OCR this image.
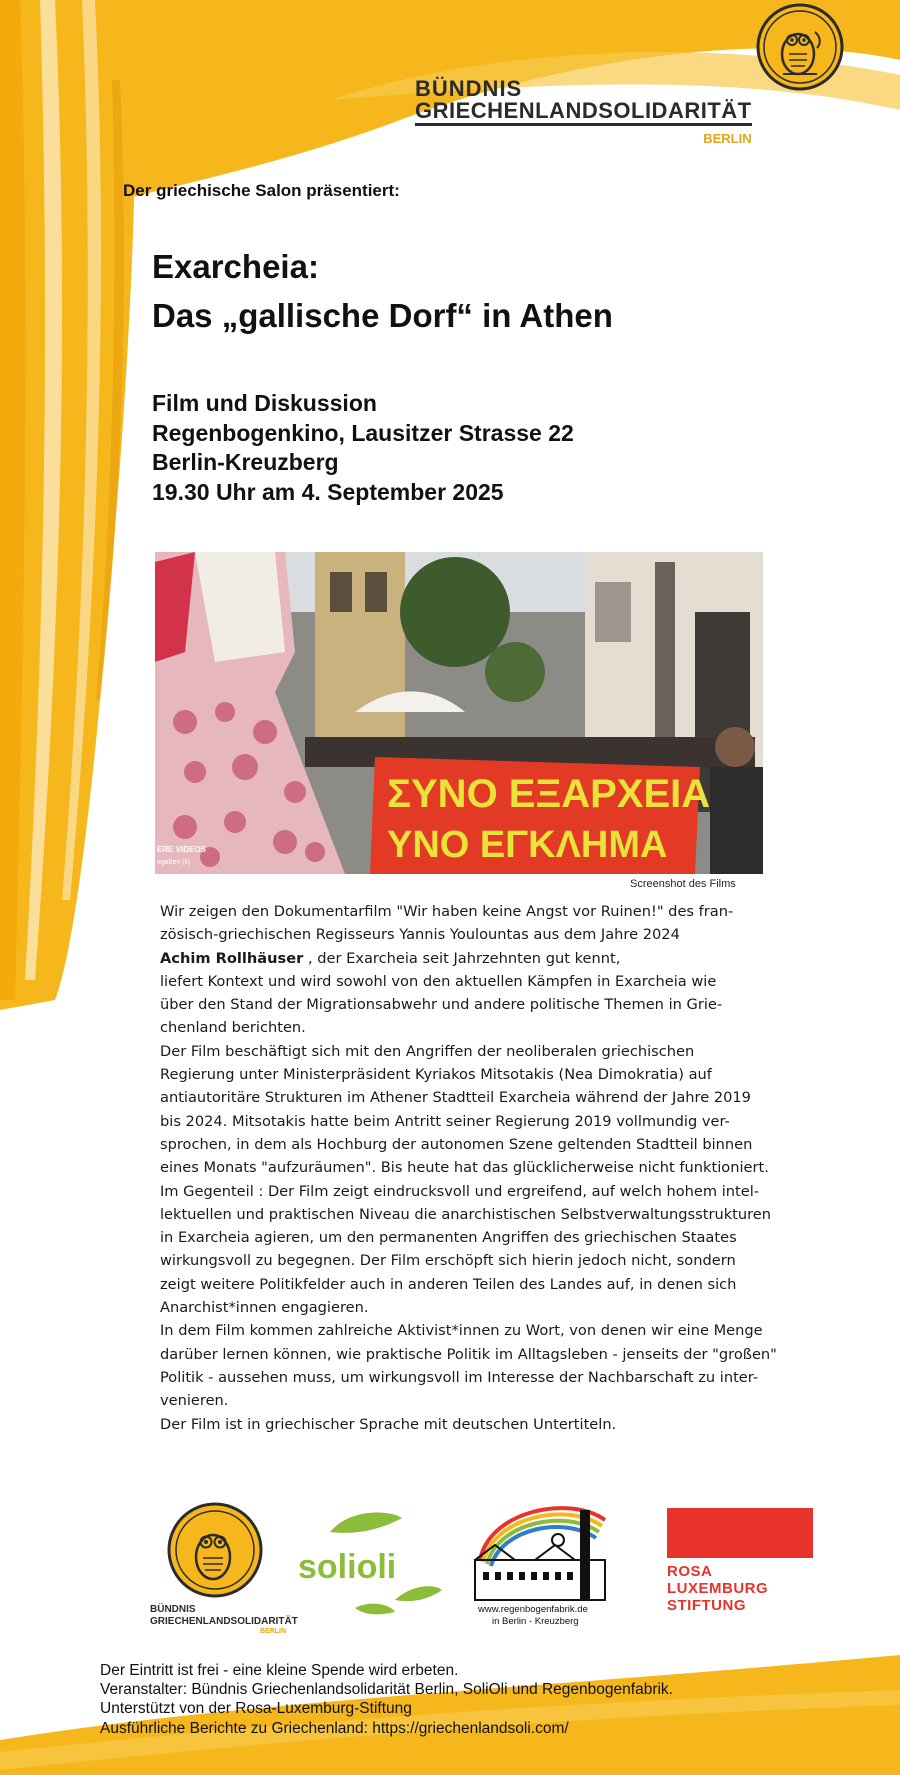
BÜNDNIS
GRIECHENLANDSOLIDARITÄT
BERLIN
Der griechische Salon präsentiert:
Exarcheia:
Das „gallische Dorf“ in Athen
Film und Diskussion
Regenbogenkino, Lausitzer Strasse 22
Berlin-Kreuzberg
19.30 Uhr am 4. September 2025
ΣΥΝΟ ΕΞΑΡΧΕΙΑ
ΥΝΟ ΕΓΚΛΗΜΑ
ERE VIDEOS
egeben (k)
Screenshot des Films

Wir zeigen den Dokumentarfilm "Wir haben keine Angst vor Ruinen!" des fran-

zösisch-griechischen Regisseurs Yannis Youlountas aus dem Jahre 2024

Achim Rollhäuser , der Exarcheia seit Jahrzehnten gut kennt,

liefert Kontext und wird sowohl von den aktuellen Kämpfen in Exarcheia wie

über den Stand der Migrationsabwehr und andere politische Themen in Grie-

chenland berichten.

Der Film beschäftigt sich mit den Angriffen der neoliberalen griechischen

Regierung unter Ministerpräsident Kyriakos Mitsotakis (Nea Dimokratia) auf

antiautoritäre Strukturen im Athener Stadtteil Exarcheia während der Jahre 2019

bis 2024. Mitsotakis hatte beim Antritt seiner Regierung 2019 vollmundig ver-

sprochen, in dem als Hochburg der autonomen Szene geltenden Stadtteil binnen

eines Monats "aufzuräumen". Bis heute hat das glücklicherweise nicht funktioniert.

Im Gegenteil : Der Film zeigt eindrucksvoll und ergreifend, auf welch hohem intel-

lektuellen und praktischen Niveau die anarchistischen Selbstverwaltungsstrukturen

in Exarcheia agieren, um den permanenten Angriffen des griechischen Staates

wirkungsvoll zu begegnen. Der Film erschöpft sich hierin jedoch nicht, sondern

zeigt weitere Politikfelder auch in anderen Teilen des Landes auf, in denen sich

Anarchist*innen engagieren.

In dem Film kommen zahlreiche Aktivist*innen zu Wort, von denen wir eine Menge

darüber lernen können, wie praktische Politik im Alltagsleben - jenseits der "großen"

Politik - aussehen muss, um wirkungsvoll im Interesse der Nachbarschaft zu inter-

venieren.

Der Film ist in griechischer Sprache mit deutschen Untertiteln.

BÜNDNIS
GRIECHENLANDSOLIDARITÄT
BERLIN
solioli
www.regenbogenfabrik.de
in Berlin - Kreuzberg
ROSA
LUXEMBURG
STIFTUNG
Der Eintritt ist frei - eine kleine Spende wird erbeten.
Veranstalter: Bündnis Griechenlandsolidarität Berlin, SoliOli und Regenbogenfabrik.
Unterstützt von der Rosa-Luxemburg-Stiftung
Ausführliche Berichte zu Griechenland: https://griechenlandsoli.com/
